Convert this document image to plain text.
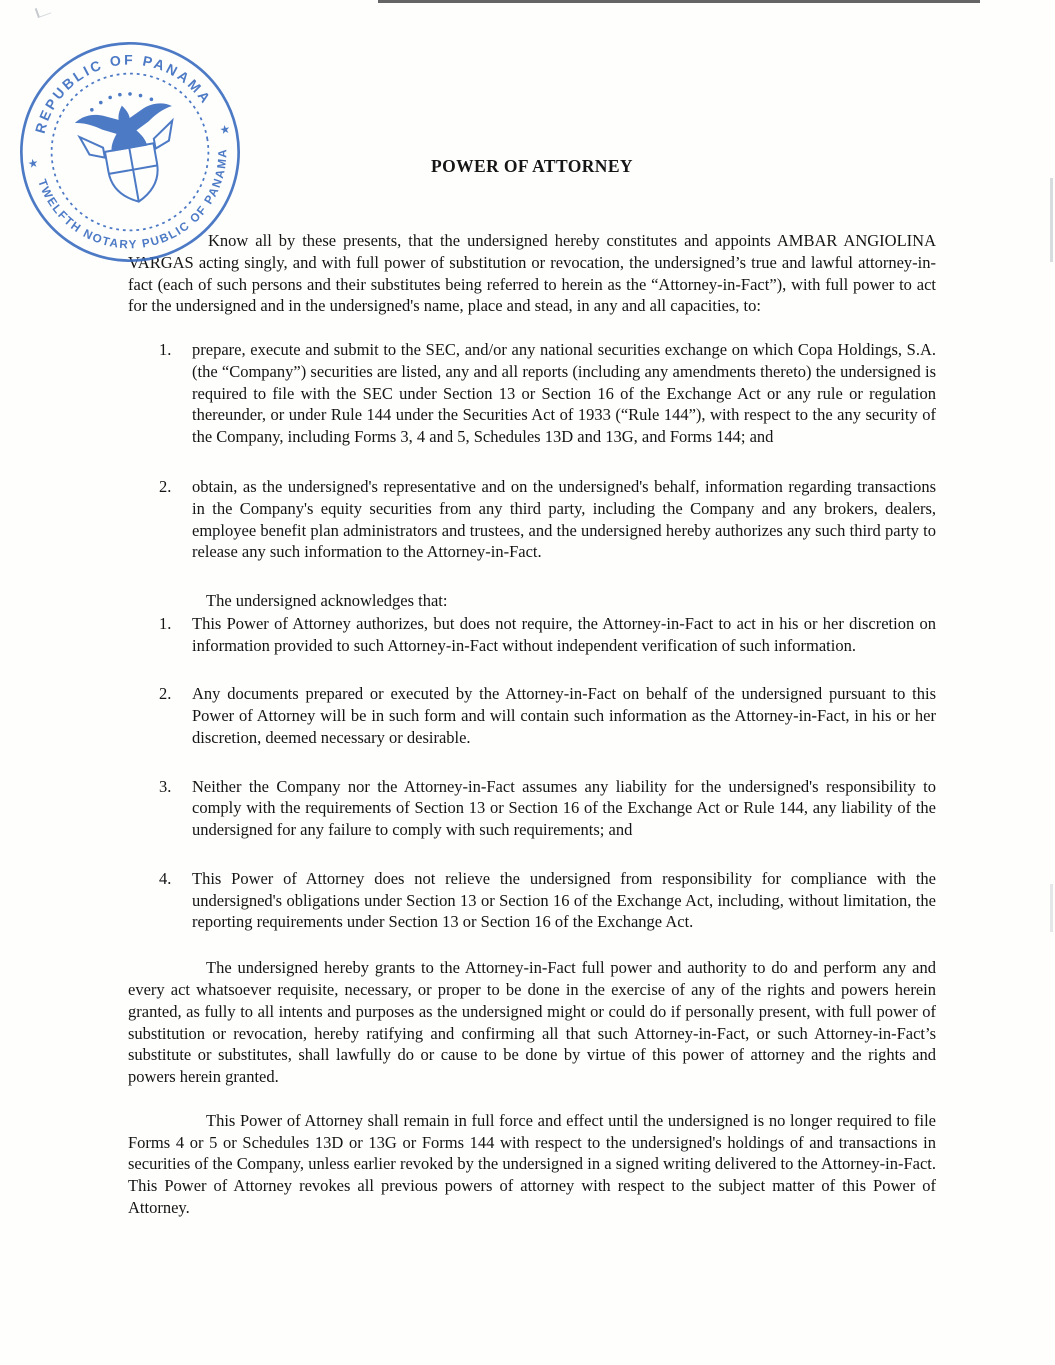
REPUBLIC OF PANAMA
TWELFTH NOTARY PUBLIC OF PANAMA
★
★
POWER OF ATTORNEY

Know all by these presents, that the undersigned hereby constitutes and appoints AMBAR ANGIOLINA VARGAS acting singly, and with full power of substitution or revocation, the undersigned’s true and lawful attorney-in-fact (each of such persons and their substitutes being referred to herein as the “Attorney-in-Fact”), with full power to act for the undersigned and in the undersigned's name, place and stead, in any and all capacities, to:

1.	prepare, execute and submit to the SEC, and/or any national securities exchange on which Copa Holdings, S.A. (the “Company”) securities are listed, any and all reports (including any amendments thereto) the undersigned is required to file with the SEC under Section 13 or Section 16 of the Exchange Act or any rule or regulation thereunder, or under Rule 144 under the Securities Act of 1933 (“Rule 144”), with respect to the any security of the Company, including Forms 3, 4 and 5, Schedules 13D and 13G, and Forms 144; and
2.	obtain, as the undersigned's representative and on the undersigned's behalf, information regarding transactions in the Company's equity securities from any third party, including the Company and any brokers, dealers, employee benefit plan administrators and trustees, and the undersigned hereby authorizes any such third party to release any such information to the Attorney-in-Fact.

The undersigned acknowledges that:

1.	This Power of Attorney authorizes, but does not require, the Attorney-in-Fact to act in his or her discretion on information provided to such Attorney-in-Fact without independent verification of such information.
2.	Any documents prepared or executed by the Attorney-in-Fact on behalf of the undersigned pursuant to this Power of Attorney will be in such form and will contain such information as the Attorney-in-Fact, in his or her discretion, deemed necessary or desirable.
3.	Neither the Company nor the Attorney-in-Fact assumes any liability for the undersigned's responsibility to comply with the requirements of Section 13 or Section 16 of the Exchange Act or Rule 144, any liability of the undersigned for any failure to comply with such requirements; and
4.	This Power of Attorney does not relieve the undersigned from responsibility for compliance with the undersigned's obligations under Section 13 or Section 16 of the Exchange Act, including, without limitation, the reporting requirements under Section 13 or Section 16 of the Exchange Act.

The undersigned hereby grants to the Attorney-in-Fact full power and authority to do and perform any and every act whatsoever requisite, necessary, or proper to be done in the exercise of any of the rights and powers herein granted, as fully to all intents and purposes as the undersigned might or could do if personally present, with full power of substitution or revocation, hereby ratifying and confirming all that such Attorney-in-Fact, or such Attorney-in-Fact’s substitute or substitutes, shall lawfully do or cause to be done by virtue of this power of attorney and the rights and powers herein granted.

This Power of Attorney shall remain in full force and effect until the undersigned is no longer required to file Forms 4 or 5 or Schedules 13D or 13G or Forms 144 with respect to the undersigned's holdings of and transactions in securities of the Company, unless earlier revoked by the undersigned in a signed writing delivered to the Attorney-in-Fact. This Power of Attorney revokes all previous powers of attorney with respect to the subject matter of this Power of Attorney.
